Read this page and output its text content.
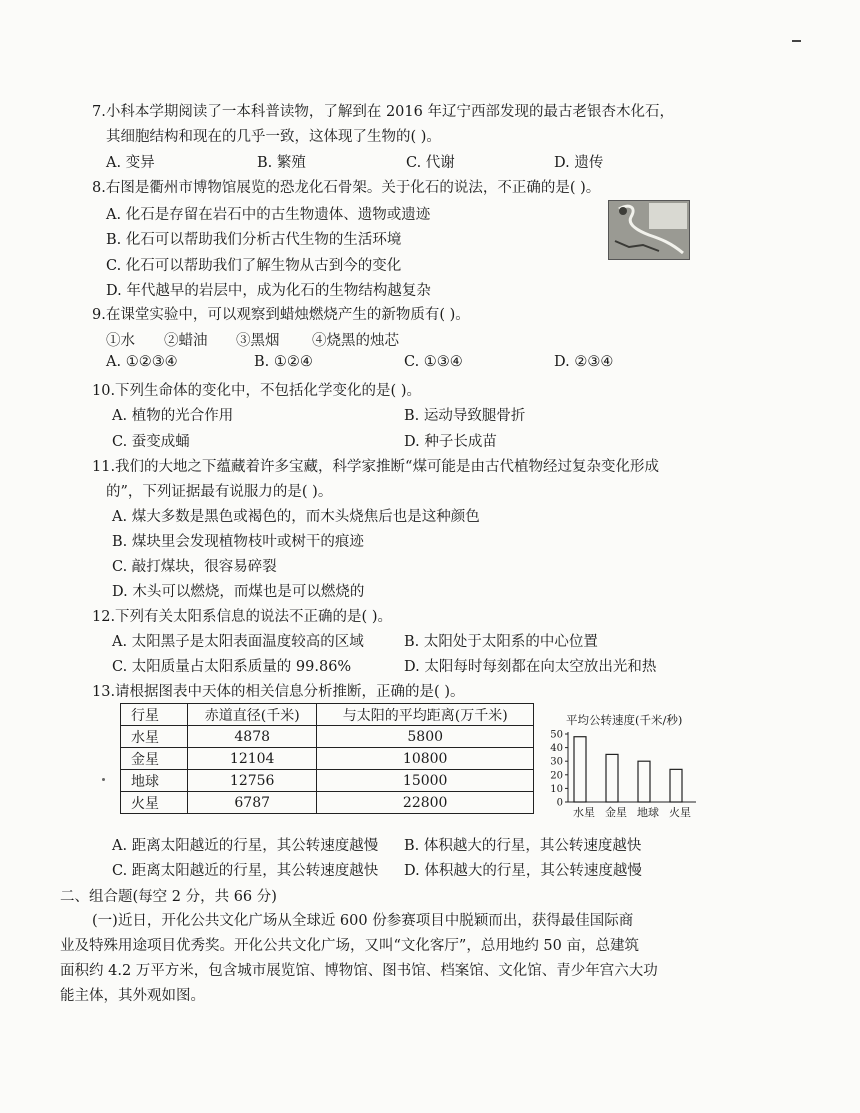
7.小科本学期阅读了一本科普读物，了解到在 2016 年辽宁西部发现的最古老银杏木化石，
其细胞结构和现在的几乎一致，这体现了生物的( )。
A. 变异	B. 繁殖	C. 代谢	D. 遗传
8.右图是衢州市博物馆展览的恐龙化石骨架。关于化石的说法，不正确的是( )。
A. 化石是存留在岩石中的古生物遗体、遗物或遗迹
B. 化石可以帮助我们分析古代生物的生活环境
C. 化石可以帮助我们了解生物从古到今的变化
D. 年代越早的岩层中，成为化石的生物结构越复杂
9.在课堂实验中，可以观察到蜡烛燃烧产生的新物质有( )。
①水 ②蜡油 ③黑烟 ④烧黑的烛芯
A. ①②③④	B. ①②④	C. ①③④	D. ②③④
10.下列生命体的变化中，不包括化学变化的是( )。
A. 植物的光合作用	B. 运动导致腿骨折
C. 蚕变成蛹	D. 种子长成苗
11.我们的大地之下蕴藏着许多宝藏，科学家推断“煤可能是由古代植物经过复杂变化形成
的”，下列证据最有说服力的是( )。
A. 煤大多数是黑色或褐色的，而木头烧焦后也是这种颜色
B. 煤块里会发现植物枝叶或树干的痕迹
C. 敲打煤块，很容易碎裂
D. 木头可以燃烧，而煤也是可以燃烧的
12.下列有关太阳系信息的说法不正确的是( )。
A. 太阳黑子是太阳表面温度较高的区域	B. 太阳处于太阳系的中心位置
C. 太阳质量占太阳系质量的 99.86%	D. 太阳每时每刻都在向太空放出光和热
13.请根据图表中天体的相关信息分析推断，正确的是( )。
行星	赤道直径(千米)	与太阳的平均距离(万千米)
水星	4878	5800
金星	12104	10800
地球	12756	15000
火星	6787	22800
平均公转速度(千米/秒)
0
10
20
30
40
50
水星 金星 地球 火星
A. 距离太阳越近的行星，其公转速度越慢 B. 体积越大的行星，其公转速度越快
C. 距离太阳越近的行星，其公转速度越快 D. 体积越大的行星，其公转速度越慢
二、组合题(每空 2 分，共 66 分)

(一)近日，开化公共文化广场从全球近 600 份参赛项目中脱颖而出，获得最佳国际商

业及特殊用途项目优秀奖。开化公共文化广场，又叫“文化客厅”，总用地约 50 亩，总建筑

面积约 4.2 万平方米，包含城市展览馆、博物馆、图书馆、档案馆、文化馆、青少年宫六大功

能主体，其外观如图。
